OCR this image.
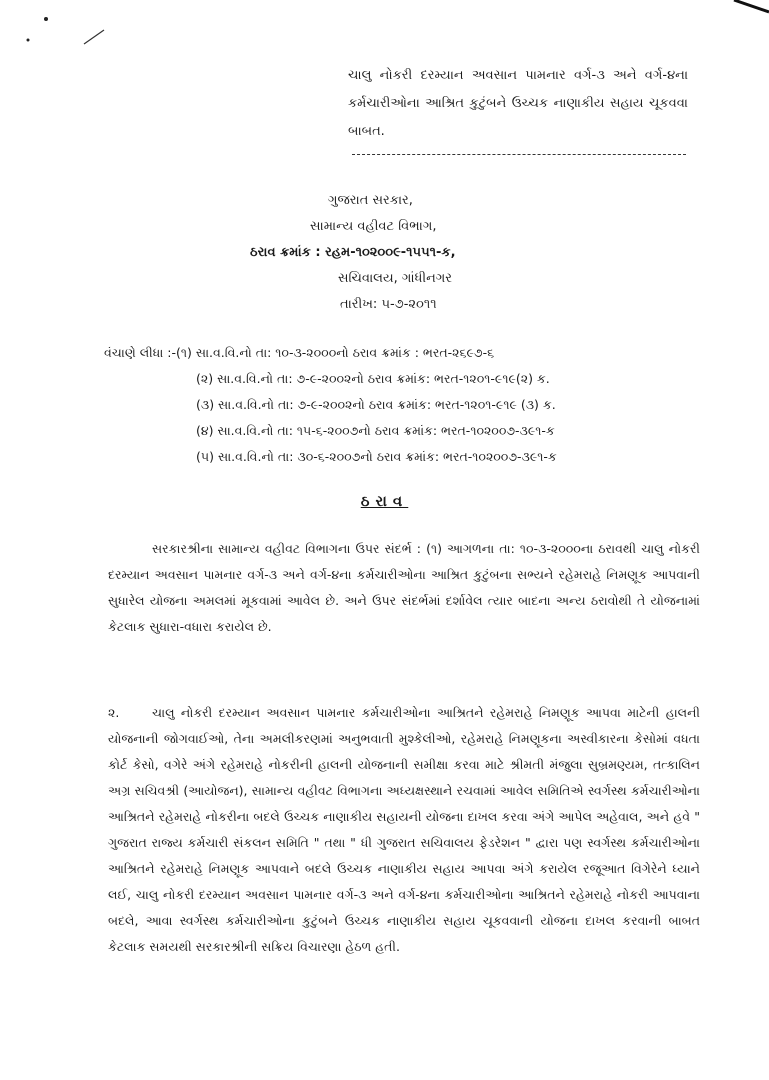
ચાલુ નોકરી દરમ્યાન અવસાન પામનાર વર્ગ-૩ અને વર્ગ-૪ના કર્મચારીઓના આશ્રિત કુટુંબને ઉચ્ચક નાણાકીય સહાય ચૂકવવા બાબત.
ગુજરાત સરકાર,
સામાન્ય વહીવટ વિભાગ,
ઠરાવ ક્રમાંક : રહમ-૧૦૨૦૦૯-૧૫૫૧-ક,
સચિવાલય, ગાંધીનગર
તારીખ: ૫-૭-૨૦૧૧
વંચાણે લીધા :-(૧) સા.વ.વિ.નો તા: ૧૦-૩-૨૦૦૦નો ઠરાવ ક્રમાંક : ભરત-૨૬૯૭-૬
(૨) સા.વ.વિ.નો તા: ૭-૯-૨૦૦૨નો ઠરાવ ક્રમાંક: ભરત-૧૨૦૧-૯૧૯(૨) ક.
(૩) સા.વ.વિ.નો તા: ૭-૯-૨૦૦૨નો ઠરાવ ક્રમાંક: ભરત-૧૨૦૧-૯૧૯ (૩) ક.
(૪) સા.વ.વિ.નો તા: ૧૫-૬-૨૦૦૭નો ઠરાવ ક્રમાંક: ભરત-૧૦૨૦૦૭-૩૯૧-ક
(૫) સા.વ.વિ.નો તા: ૩૦-૬-૨૦૦૭નો ઠરાવ ક્રમાંક: ભરત-૧૦૨૦૦૭-૩૯૧-ક
ઠરાવ
સરકારશ્રીના સામાન્ય વહીવટ વિભાગના ઉપર સંદર્ભ : (૧) આગળના તા: ૧૦-૩-૨૦૦૦ના ઠરાવથી ચાલુ નોકરી દરમ્યાન અવસાન પામનાર વર્ગ-૩ અને વર્ગ-૪ના કર્મચારીઓના આશ્રિત કુટુંબના સભ્યને રહેમરાહે નિમણૂક આપવાની સુધારેલ યોજના અમલમાં મૂકવામાં આવેલ છે. અને ઉપર સંદર્ભમાં દર્શાવેલ ત્યાર બાદના અન્ય ઠરાવોથી તે યોજનામાં કેટલાક સુધારા-વધારા કરાયેલ છે.
૨.	ચાલુ નોકરી દરમ્યાન અવસાન પામનાર કર્મચારીઓના આશ્રિતને રહેમરાહે નિમણૂક આપવા માટેની હાલની યોજનાની જોગવાઈઓ, તેના અમલીકરણમાં અનુભવાતી મુશ્કેલીઓ, રહેમરાહે નિમણૂકના અસ્વીકારના કેસોમાં વધતા કોર્ટ કેસો, વગેરે અંગે રહેમરાહે નોકરીની હાલની યોજનાની સમીક્ષા કરવા માટે શ્રીમતી મંજુલા સુબ્રમણ્યમ, તત્કાલિન અગ્ર સચિવશ્રી (આયોજન), સામાન્ય વહીવટ વિભાગના અધ્યક્ષસ્થાને રચવામાં આવેલ સમિતિએ સ્વર્ગસ્થ કર્મચારીઓના આશ્રિતને રહેમરાહે નોકરીના બદલે ઉચ્ચક નાણાકીય સહાયની યોજના દાખલ કરવા અંગે આપેલ અહેવાલ, અને હવે " ગુજરાત રાજ્ય કર્મચારી સંકલન સમિતિ " તથા " ધી ગુજરાત સચિવાલય ફેડરેશન " દ્વારા પણ સ્વર્ગસ્થ કર્મચારીઓના આશ્રિતને રહેમરાહે નિમણૂક આપવાને બદલે ઉચ્ચક નાણાકીય સહાય આપવા અંગે કરાયેલ રજૂઆત વિગેરેને ધ્યાને લઈ, ચાલુ નોકરી દરમ્યાન અવસાન પામનાર વર્ગ-૩ અને વર્ગ-૪ના કર્મચારીઓના આશ્રિતને રહેમરાહે નોકરી આપવાના બદલે, આવા સ્વર્ગસ્થ કર્મચારીઓના કુટુંબને ઉચ્ચક નાણાકીય સહાય ચૂકવવાની યોજના દાખલ કરવાની બાબત કેટલાક સમયથી સરકારશ્રીની સક્રિય વિચારણા હેઠળ હતી.
